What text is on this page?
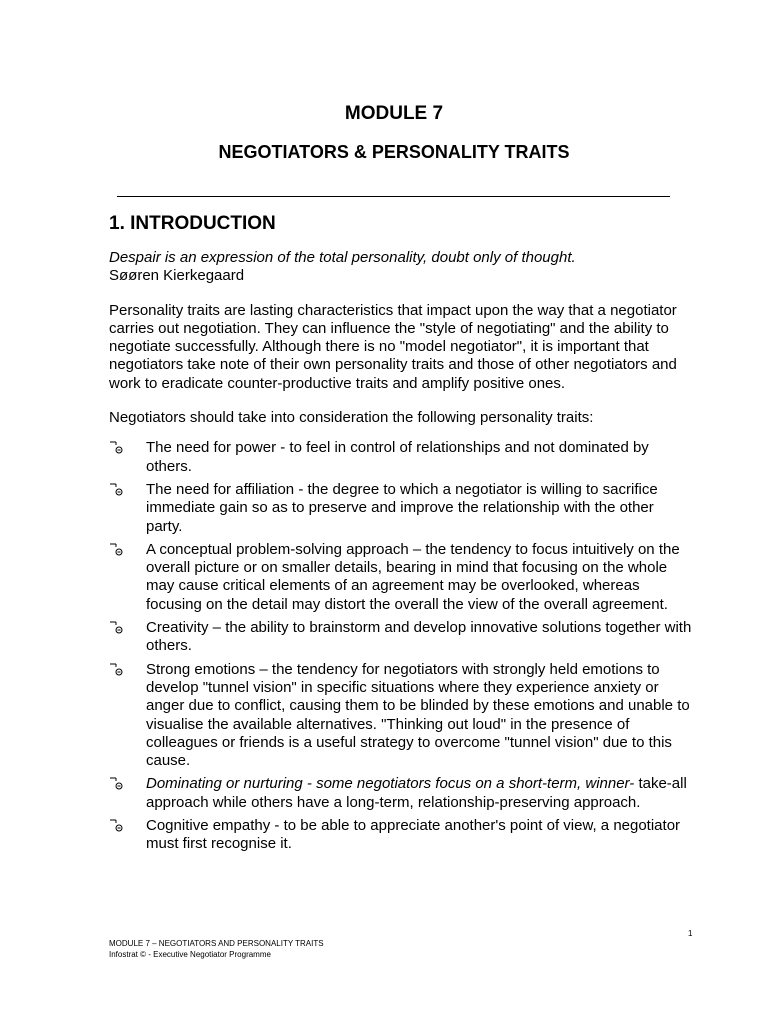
MODULE 7
NEGOTIATORS & PERSONALITY TRAITS
1. INTRODUCTION

Despair is an expression of the total personality, doubt only of thought.

Søøren Kierkegaard

Personality traits are lasting characteristics that impact upon the way that a negotiator carries out negotiation. They can influence the "style of negotiating" and the ability to negotiate successfully. Although there is no "model negotiator", it is important that negotiators take note of their own personality traits and those of other negotiators and work to eradicate counter-productive traits and amplify positive ones.

Negotiators should take into consideration the following personality traits:

The need for power - to feel in control of relationships and not dominated by others.
The need for affiliation - the degree to which a negotiator is willing to sacrifice immediate gain so as to preserve and improve the relationship with the other party.
A conceptual problem-solving approach – the tendency to focus intuitively on the overall picture or on smaller details, bearing in mind that focusing on the whole may cause critical elements of an agreement may be overlooked, whereas focusing on the detail may distort the overall the view of the overall agreement.
Creativity – the ability to brainstorm and develop innovative solutions together with others.
Strong emotions – the tendency for negotiators with strongly held emotions to develop "tunnel vision" in specific situations where they experience anxiety or anger due to conflict, causing them to be blinded by these emotions and unable to visualise the available alternatives. "Thinking out loud" in the presence of colleagues or friends is a useful strategy to overcome "tunnel vision" due to this cause.
Dominating or nurturing - some negotiators focus on a short-term, winner- take-all approach while others have a long-term, relationship-preserving approach.
Cognitive empathy - to be able to appreciate another's point of view, a negotiator must first recognise it.
1
MODULE 7 – NEGOTIATORS AND PERSONALITY TRAITS
Infostrat © - Executive Negotiator Programme
